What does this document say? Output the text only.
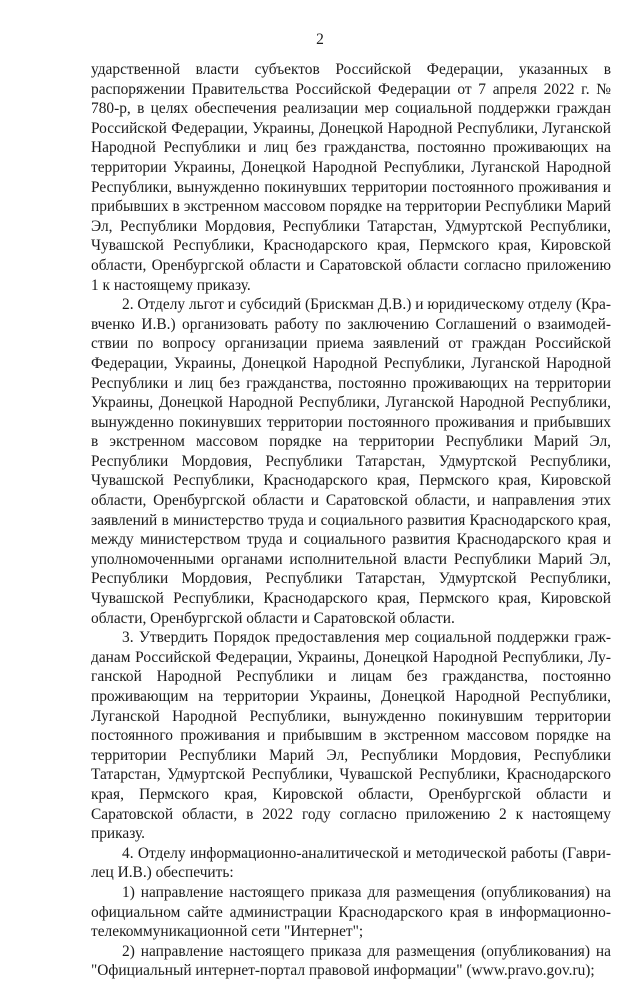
2

ударственной власти субъектов Российской Федерации, указанных в распоряжении Правительства Российской Федерации от 7 апреля 2022 г. № 780-р, в целях обеспечения реализации мер социальной поддержки граждан Российской Федерации, Украины, Донецкой Народной Республики, Луганской Народной Республики и лиц без гражданства, постоянно проживающих на территории Украины, Донецкой Народной Республики, Луганской Народной Республики, вынужденно покинувших территории постоянного проживания и прибывших в экстренном массовом порядке на территории Республики Марий Эл, Республики Мордовия, Республики Татарстан, Удмуртской Республики, Чувашской Республики, Краснодарского края, Пермского края, Кировской области, Оренбургской области и Саратовской области согласно приложению 1 к настоящему приказу.

2. Отделу льгот и субсидий (Брискман Д.В.) и юридическому отделу (Кравченко И.В.) организовать работу по заключению Соглашений о взаимодействии по вопросу организации приема заявлений от граждан Российской Федерации, Украины, Донецкой Народной Республики, Луганской Народной Республики и лиц без гражданства, постоянно проживающих на территории Украины, Донецкой Народной Республики, Луганской Народной Республики, вынужденно покинувших территории постоянного проживания и прибывших в экстренном массовом порядке на территории Республики Марий Эл, Республики Мордовия, Республики Татарстан, Удмуртской Республики, Чувашской Республики, Краснодарского края, Пермского края, Кировской области, Оренбургской области и Саратовской области, и направления этих заявлений в министерство труда и социального развития Краснодарского края, между министерством труда и социального развития Краснодарского края и уполномоченными органами исполнительной власти Республики Марий Эл, Республики Мордовия, Республики Татарстан, Удмуртской Республики, Чувашской Республики, Краснодарского края, Пермского края, Кировской области, Оренбургской области и Саратовской области.

3. Утвердить Порядок предоставления мер социальной поддержки гражданам Российской Федерации, Украины, Донецкой Народной Республики, Луганской Народной Республики и лицам без гражданства, постоянно проживающим на территории Украины, Донецкой Народной Республики, Луганской Народной Республики, вынужденно покинувшим территории постоянного проживания и прибывшим в экстренном массовом порядке на территории Республики Марий Эл, Республики Мордовия, Республики Татарстан, Удмуртской Республики, Чувашской Республики, Краснодарского края, Пермского края, Кировской области, Оренбургской области и Саратовской области, в 2022 году согласно приложению 2 к настоящему приказу.

4. Отделу информационно-аналитической и методической работы (Гаврилец И.В.) обеспечить:

1) направление настоящего приказа для размещения (опубликования) на официальном сайте администрации Краснодарского края в информационно-телекоммуникационной сети "Интернет";

2) направление настоящего приказа для размещения (опубликования) на "Официальный интернет-портал правовой информации" (www.pravo.gov.ru);
